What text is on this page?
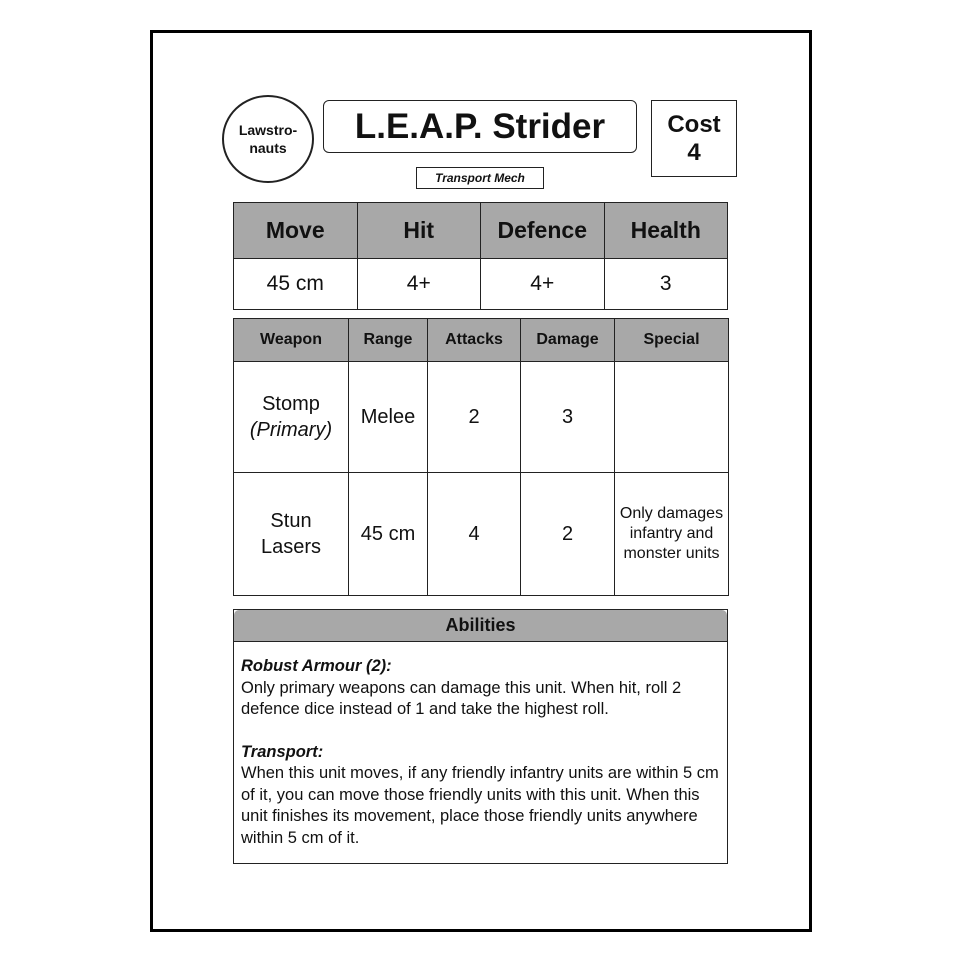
Lawstro-
nauts
L.E.A.P. Strider
Transport Mech
Cost
4
Move	Hit	Defence	Health
45 cm	4+	4+	3
Weapon	Range	Attacks	Damage	Special

Stomp
(Primary)	Melee	2	3	

Stun
Lasers	45 cm	4	2	Only damages infantry and monster units
Abilities
Robust Armour (2):
Only primary weapons can damage this unit. When hit, roll 2 defence dice instead of 1 and take the highest roll.
Transport:
When this unit moves, if any friendly infantry units are within 5 cm of it, you can move those friendly units with this unit. When this unit finishes its movement, place those friendly units anywhere within 5 cm of it.
